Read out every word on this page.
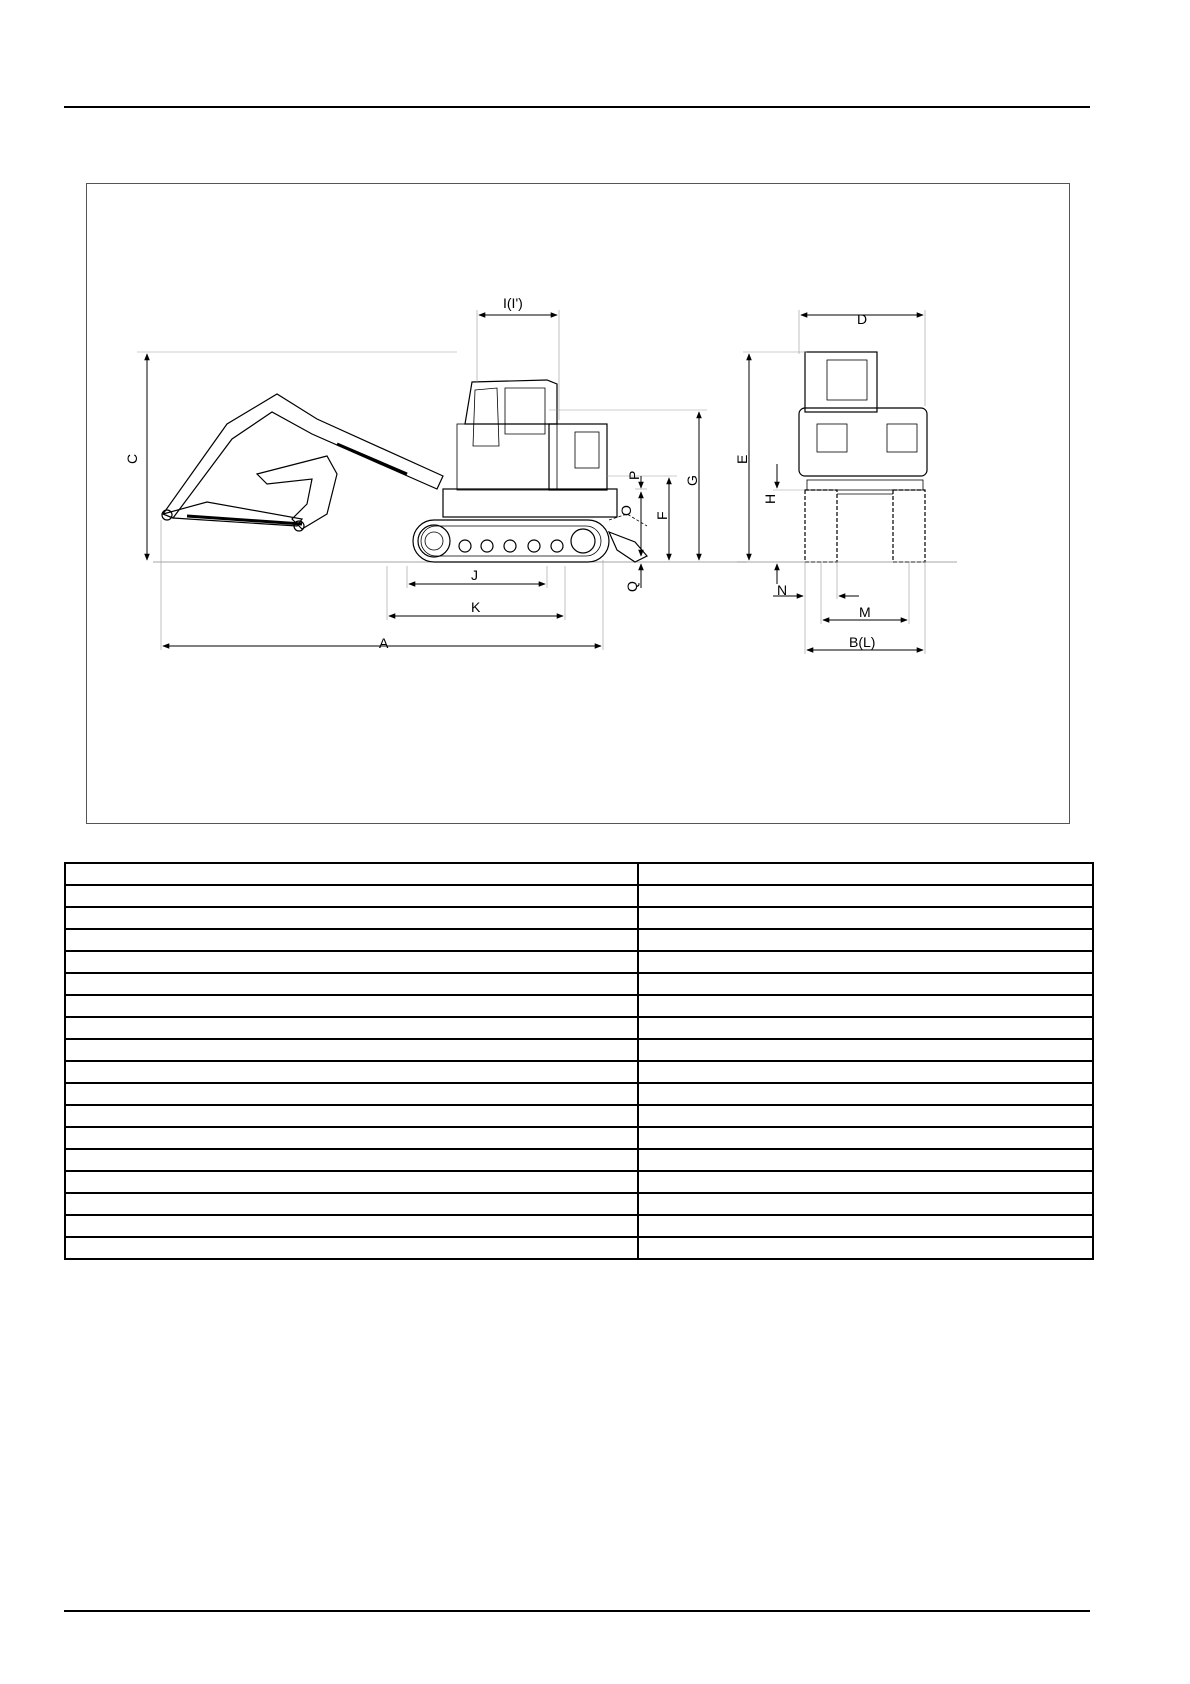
C
I(I')
J
K
A
G
F
P
O
Q
D
E
H
N
M
B(L)
